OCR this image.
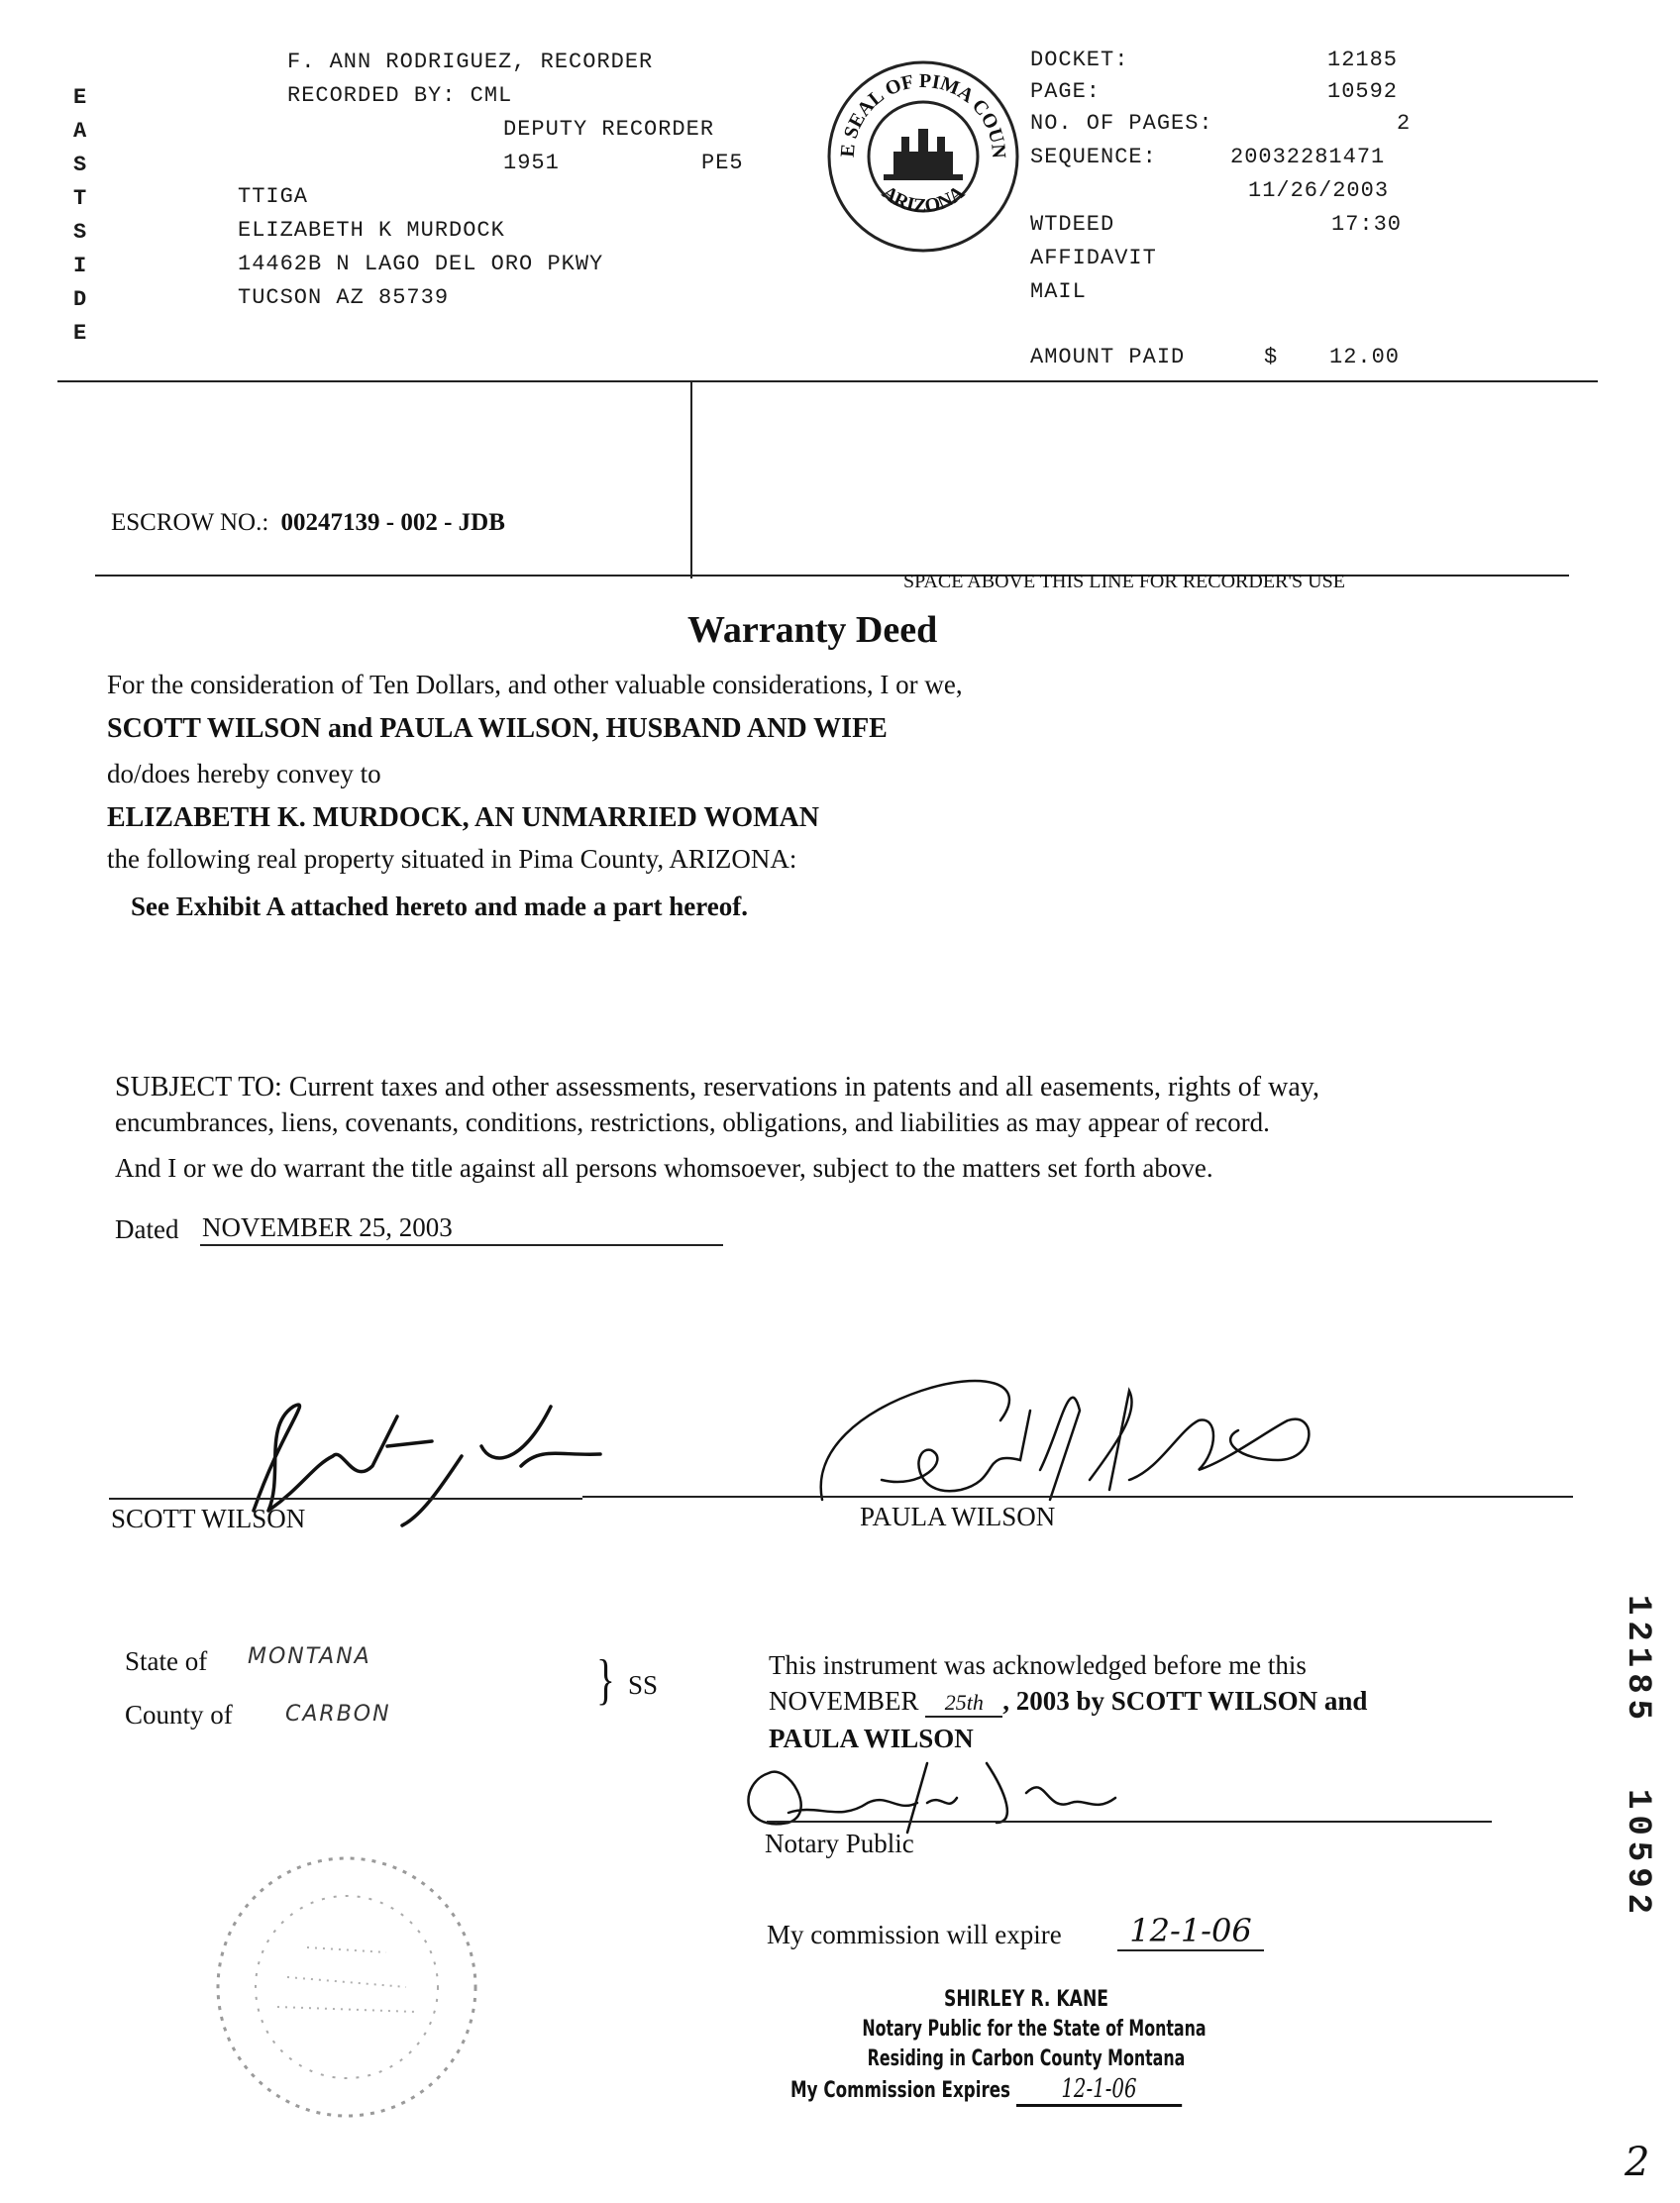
E
A
S
T
S
I
D
E
F. ANN RODRIGUEZ, RECORDER
RECORDED BY: CML
DEPUTY RECORDER
1951	PE5
TTIGA
ELIZABETH K MURDOCK
14462B N LAGO DEL ORO PKWY
TUCSON AZ 85739
THE SEAL OF PIMA COUNTY
ARIZONA
DOCKET:	12185
PAGE:	10592
NO. OF PAGES:	2
SEQUENCE:	20032281471
11/26/2003
WTDEED	17:30
AFFIDAVIT
MAIL
AMOUNT PAID	$ 12.00
ESCROW NO.: 00247139 - 002 - JDB
SPACE ABOVE THIS LINE FOR RECORDER'S USE
Warranty Deed
For the consideration of Ten Dollars, and other valuable considerations, I or we,
SCOTT WILSON and PAULA WILSON, HUSBAND AND WIFE
do/does hereby convey to
ELIZABETH K. MURDOCK, AN UNMARRIED WOMAN
the following real property situated in Pima County, ARIZONA:
See Exhibit A attached hereto and made a part hereof.
SUBJECT TO: Current taxes and other assessments, reservations in patents and all easements, rights of way,
encumbrances, liens, covenants, conditions, restrictions, obligations, and liabilities as may appear of record.
And I or we do warrant the title against all persons whomsoever, subject to the matters set forth above.
Dated NOVEMBER 25, 2003
SCOTT WILSON	PAULA WILSON
State of MONTANA
County of CARBON
} SS
This instrument was acknowledged before me this
NOVEMBER 25th , 2003 by SCOTT WILSON and
PAULA WILSON
Notary Public
My commission will expire	12-1-06
SHIRLEY R. KANE
Notary Public for the State of Montana
Residing in Carbon County Montana
My Commission Expires 12-1-06
12185
10592
2
